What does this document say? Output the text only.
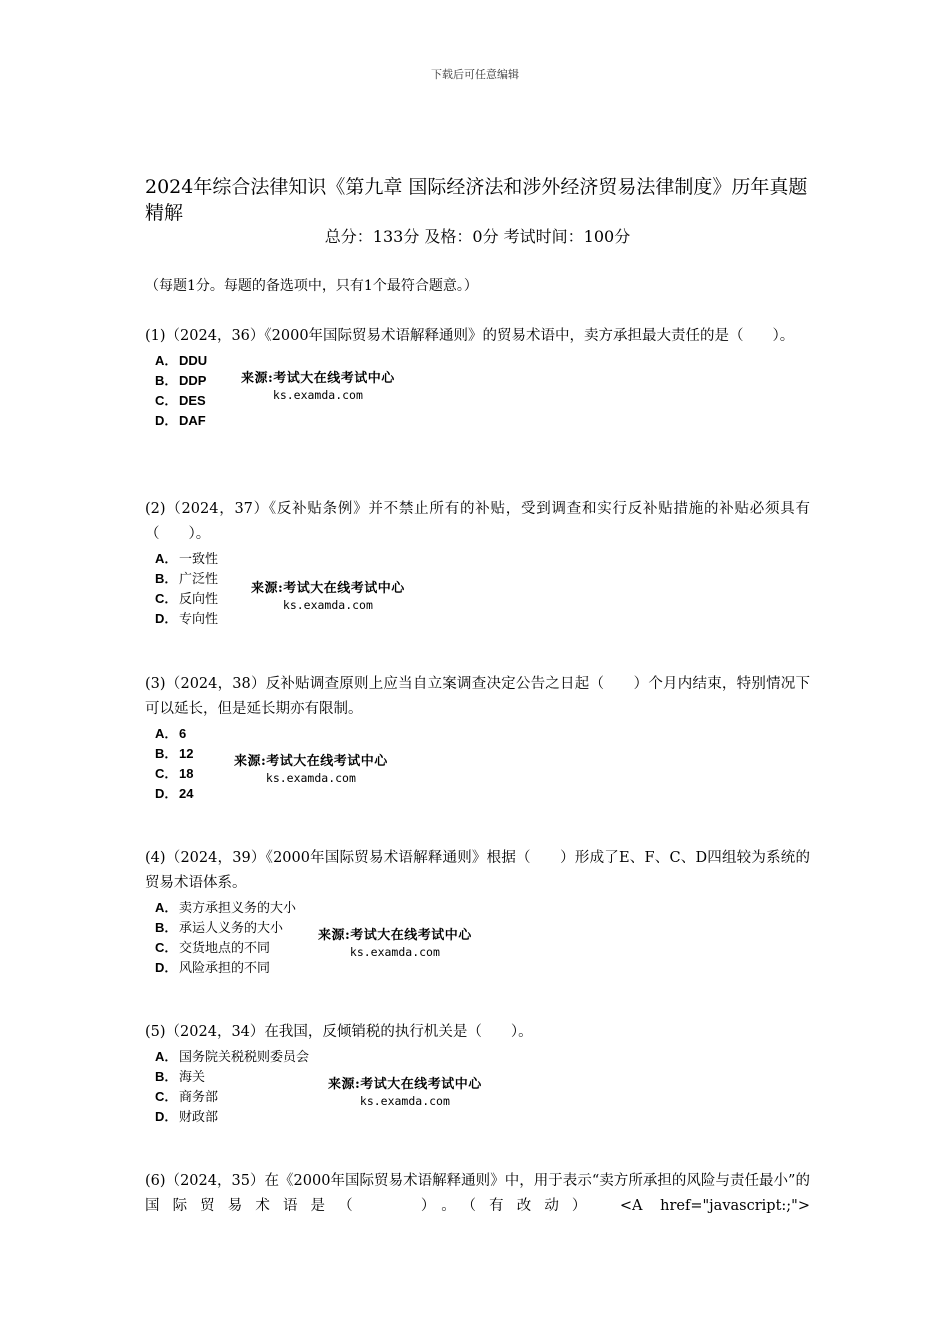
下载后可任意编辑
2024年综合法律知识《第九章 国际经济法和涉外经济贸易法律制度》历年真题精解
总分：133分 及格：0分 考试时间：100分
（每题1分。每题的备选项中，只有1个最符合题意。）

(1)（2024，36）《2000年国际贸易术语解释通则》的贸易术语中，卖方承担最大责任的是（　　）。

A． DDU
B． DDP
C． DES
D． DAF
来源:考试大在线考试中心
ks.examda.com

(2)（2024，37）《反补贴条例》并不禁止所有的补贴，受到调查和实行反补贴措施的补贴必须具有（　　）。

A． 一致性
B． 广泛性
C． 反向性
D． 专向性
来源:考试大在线考试中心
ks.examda.com

(3)（2024，38）反补贴调查原则上应当自立案调查决定公告之日起（　　）个月内结束，特别情况下可以延长，但是延长期亦有限制。

A． 6
B． 12
C． 18
D． 24
来源:考试大在线考试中心
ks.examda.com

(4)（2024，39）《2000年国际贸易术语解释通则》根据（　　）形成了E、F、C、D四组较为系统的贸易术语体系。

A． 卖方承担义务的大小
B． 承运人义务的大小
C． 交货地点的不同
D． 风险承担的不同
来源:考试大在线考试中心
ks.examda.com

(5)（2024，34）在我国，反倾销税的执行机关是（　　）。

A． 国务院关税税则委员会
B． 海关
C． 商务部
D． 财政部
来源:考试大在线考试中心
ks.examda.com

(6)（2024，35）在《2000年国际贸易术语解释通则》中，用于表示“卖方所承担的风险与责任最小”的国际贸易术语是（　　）。（有改动）　<A href="javascript:;">
